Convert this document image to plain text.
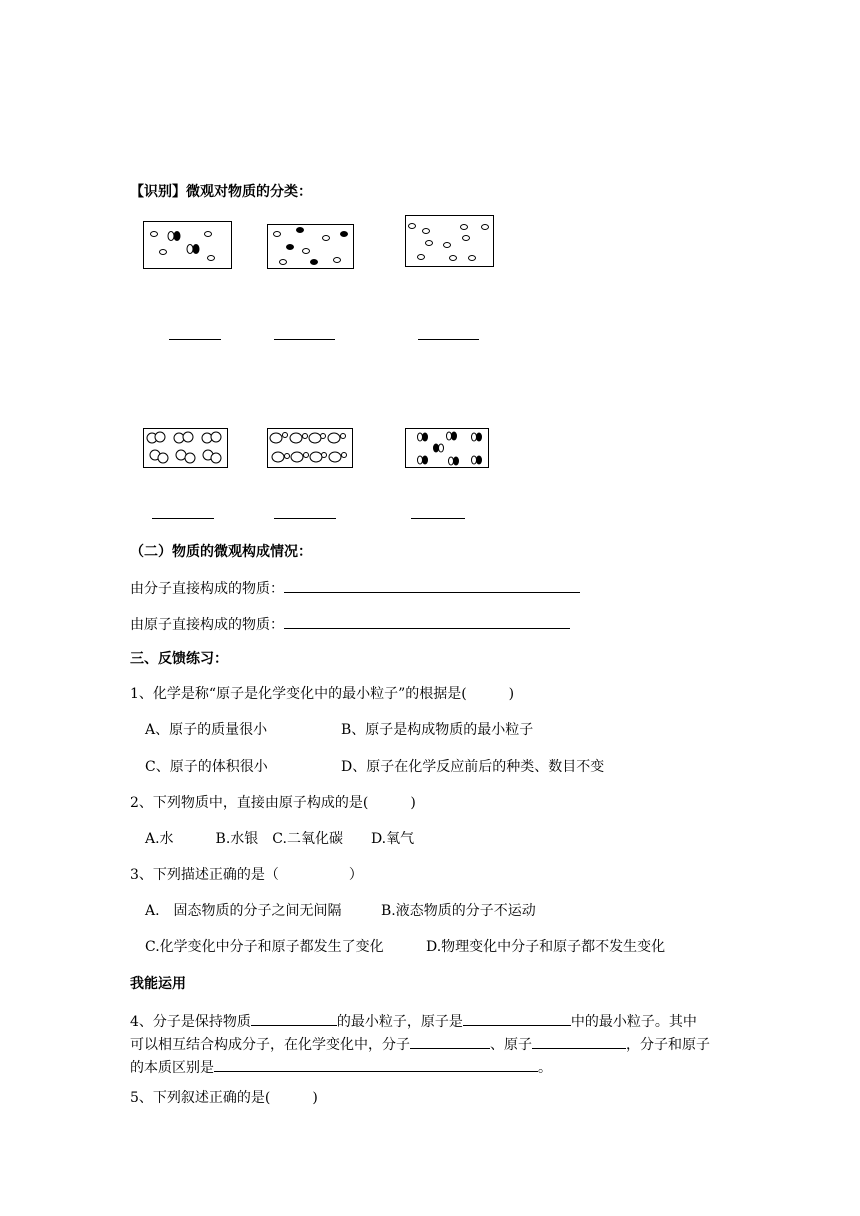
【识别】微观对物质的分类：
（二）物质的微观构成情况：
由分子直接构成的物质：
由原子直接构成的物质：
三、反馈练习：
1、化学是称“原子是化学变化中的最小粒子”的根据是(　　　)
A、原子的质量很小	B、原子是构成物质的最小粒子
C、原子的体积很小	D、原子在化学反应前后的种类、数目不变
2、下列物质中，直接由原子构成的是(　　　)
A.水　　　B.水银　C.二氧化碳　　D.氧气
3、下列描述正确的是（　　　　　）
A.　固态物质的分子之间无间隔	B.液态物质的分子不运动
C.化学变化中分子和原子都发生了变化	D.物理变化中分子和原子都不发生变化
我能运用
4、分子是保持物质	的最小粒子，原子是	中的最小粒子。其中
可以相互结合构成分子，在化学变化中，分子	、原子	，分子和原子
的本质区别是	。
5、下列叙述正确的是(　　　)
